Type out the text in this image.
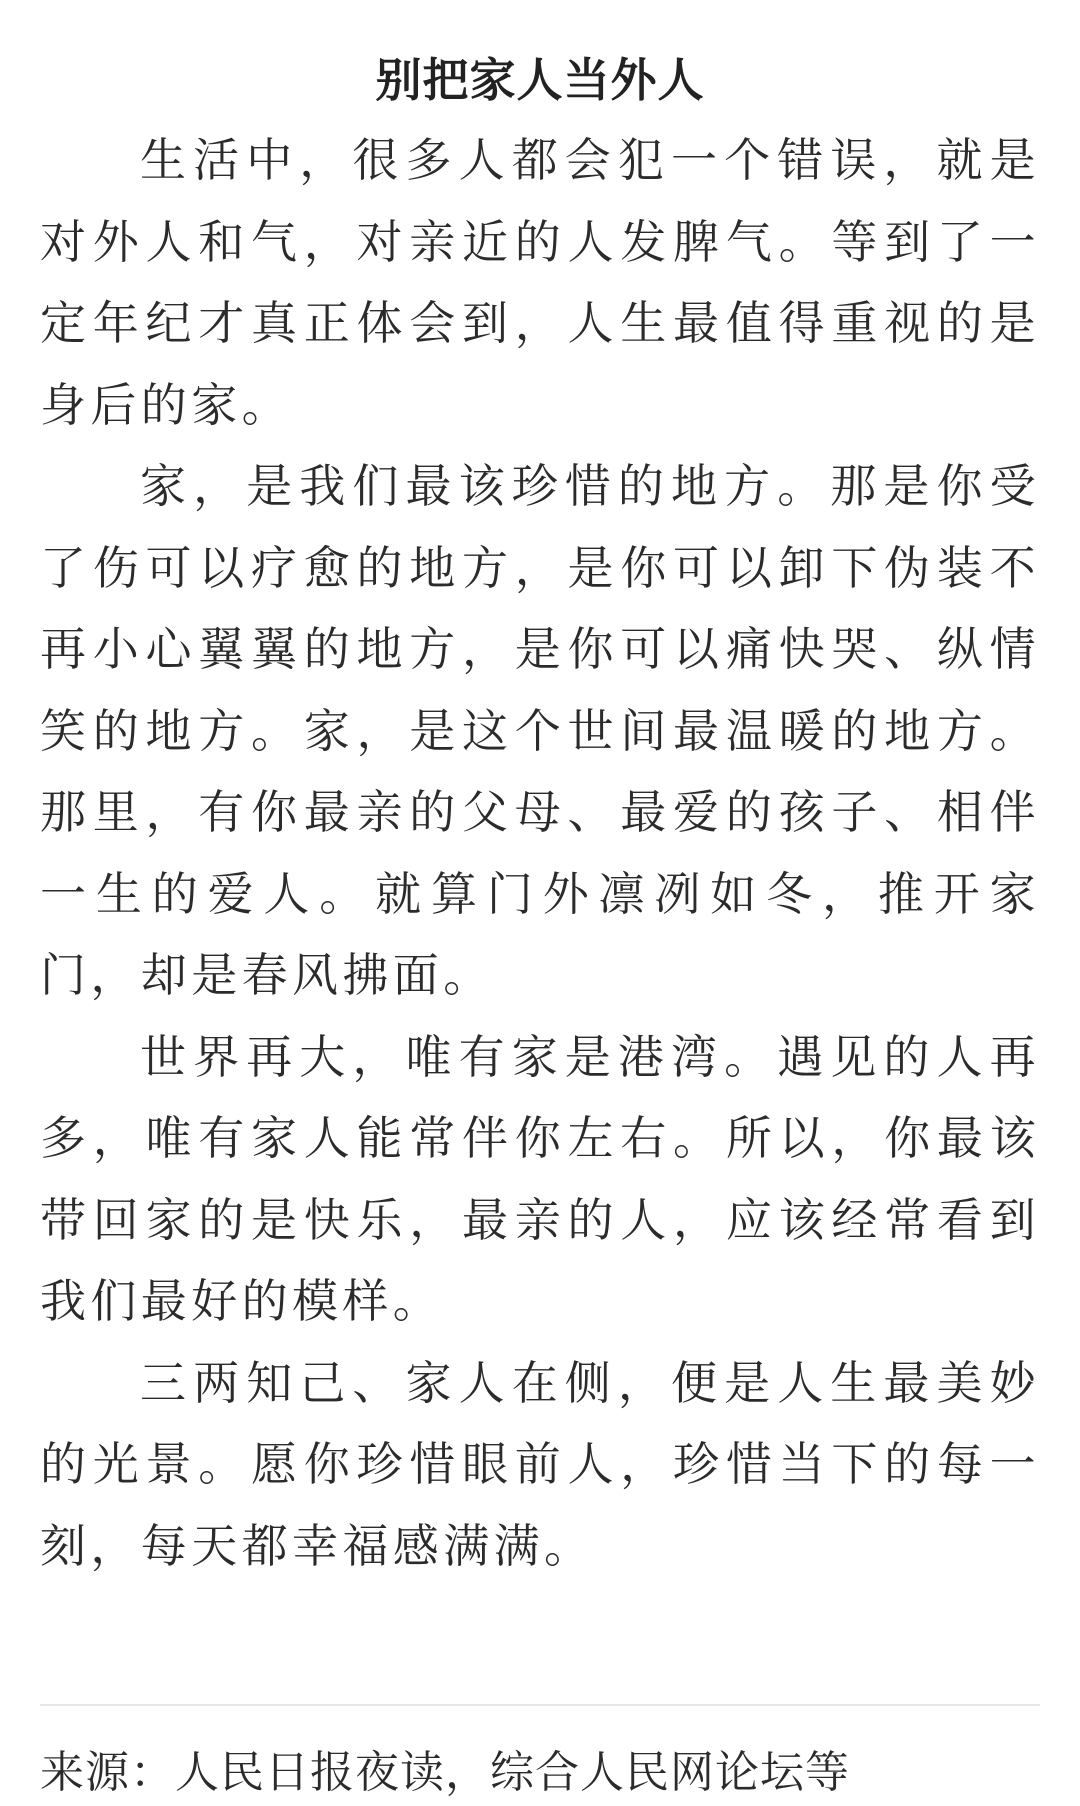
别把家人当外人

生活中，很多人都会犯一个错误，就是对外人和气，对亲近的人发脾气。等到了一定年纪才真正体会到，人生最值得重视的是身后的家。

家，是我们最该珍惜的地方。那是你受了伤可以疗愈的地方，是你可以卸下伪装不再小心翼翼的地方，是你可以痛快哭、纵情笑的地方。家，是这个世间最温暖的地方。那里，有你最亲的父母、最爱的孩子、相伴一生的爱人。就算门外凛冽如冬，推开家门，却是春风拂面。

世界再大，唯有家是港湾。遇见的人再多，唯有家人能常伴你左右。所以，你最该带回家的是快乐，最亲的人，应该经常看到我们最好的模样。

三两知己、家人在侧，便是人生最美妙的光景。愿你珍惜眼前人，珍惜当下的每一刻，每天都幸福感满满。

来源：人民日报夜读，综合人民网论坛等
